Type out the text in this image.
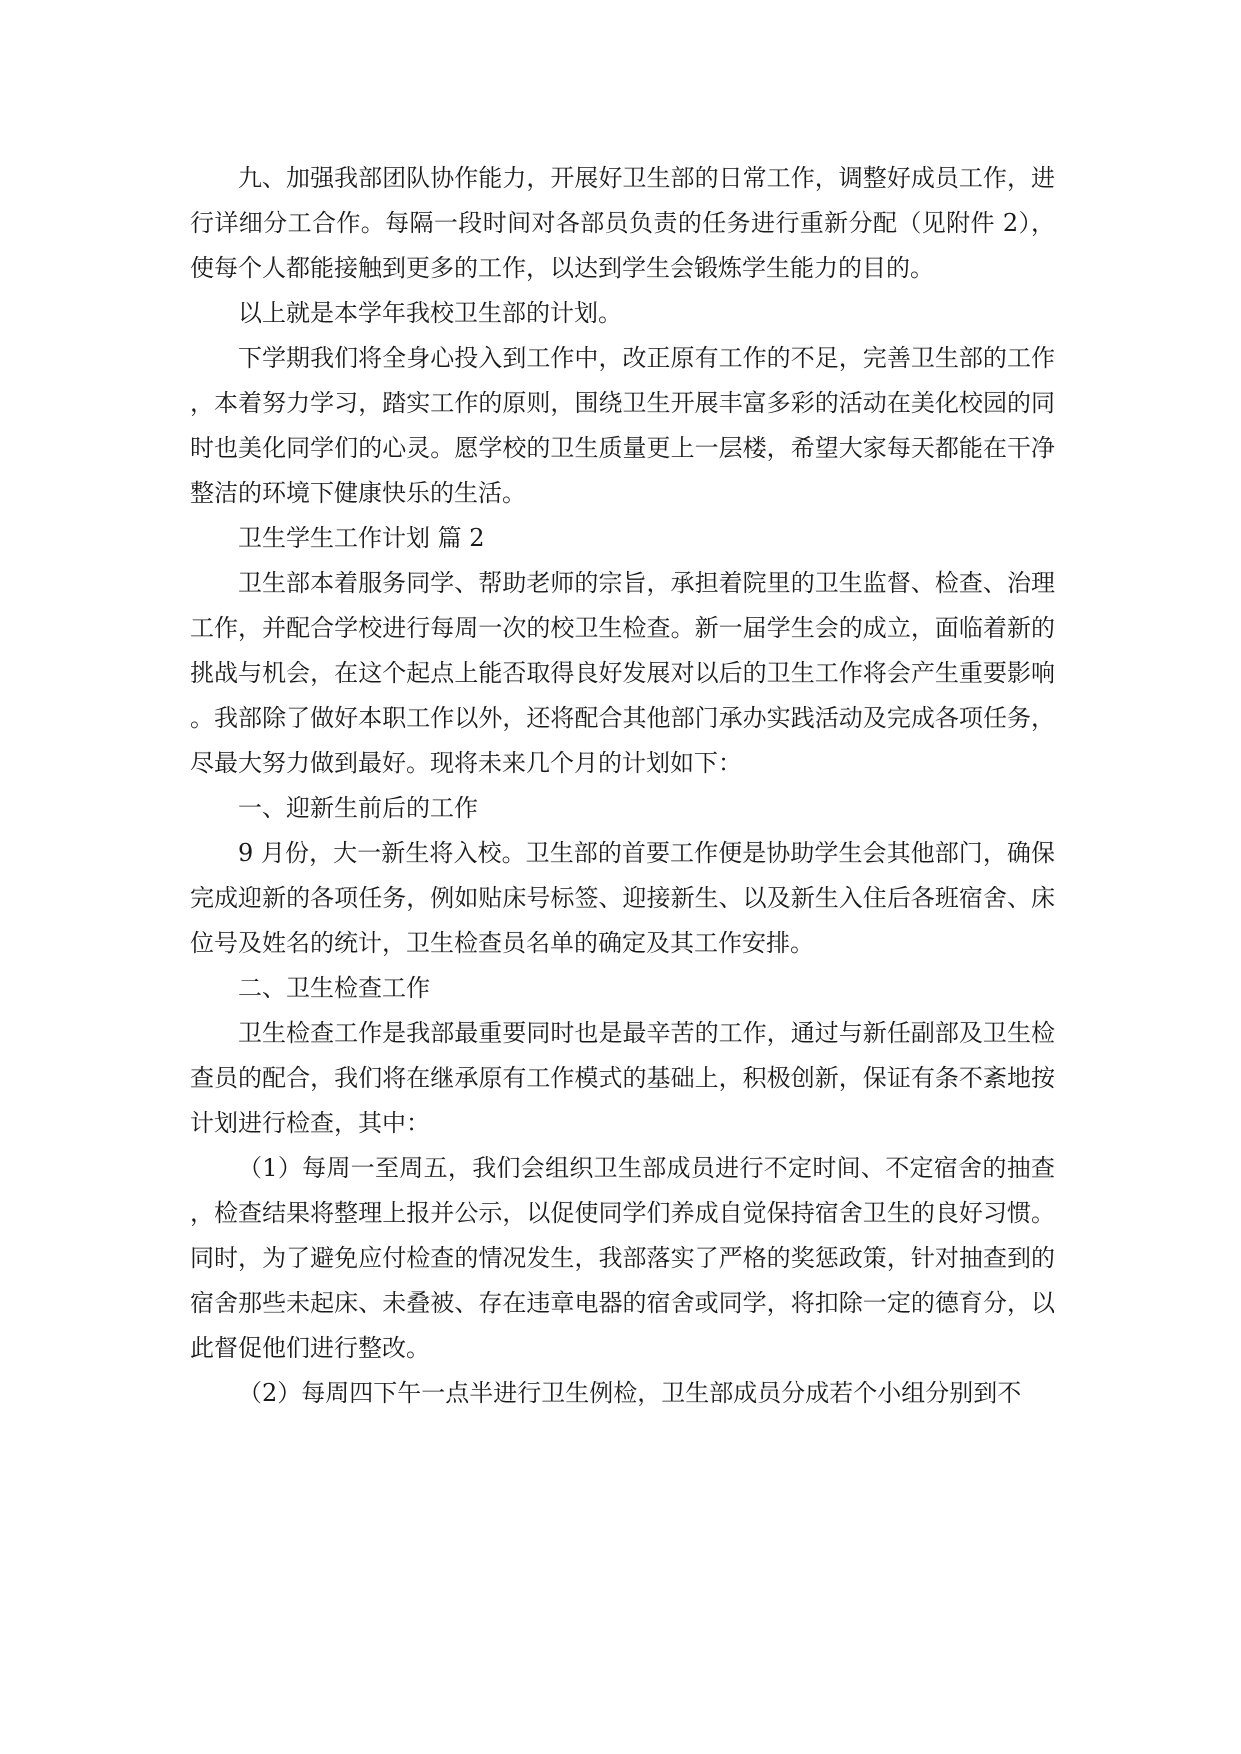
九、加强我部团队协作能力，开展好卫生部的日常工作，调整好成员工作，进行详细分工合作。每隔一段时间对各部员负责的任务进行重新分配（见附件 2），使每个人都能接触到更多的工作，以达到学生会锻炼学生能力的目的。

以上就是本学年我校卫生部的计划。

下学期我们将全身心投入到工作中，改正原有工作的不足，完善卫生部的工作，本着努力学习，踏实工作的原则，围绕卫生开展丰富多彩的活动在美化校园的同时也美化同学们的心灵。愿学校的卫生质量更上一层楼，希望大家每天都能在干净整洁的环境下健康快乐的生活。

卫生学生工作计划 篇 2

卫生部本着服务同学、帮助老师的宗旨，承担着院里的卫生监督、检查、治理工作，并配合学校进行每周一次的校卫生检查。新一届学生会的成立，面临着新的挑战与机会，在这个起点上能否取得良好发展对以后的卫生工作将会产生重要影响。我部除了做好本职工作以外，还将配合其他部门承办实践活动及完成各项任务，尽最大努力做到最好。现将未来几个月的计划如下：

一、迎新生前后的工作

9 月份，大一新生将入校。卫生部的首要工作便是协助学生会其他部门，确保完成迎新的各项任务，例如贴床号标签、迎接新生、以及新生入住后各班宿舍、床位号及姓名的统计，卫生检查员名单的确定及其工作安排。

二、卫生检查工作

卫生检查工作是我部最重要同时也是最辛苦的工作，通过与新任副部及卫生检查员的配合，我们将在继承原有工作模式的基础上，积极创新，保证有条不紊地按计划进行检查，其中：

（1）每周一至周五，我们会组织卫生部成员进行不定时间、不定宿舍的抽查，检查结果将整理上报并公示，以促使同学们养成自觉保持宿舍卫生的良好习惯。同时，为了避免应付检查的情况发生，我部落实了严格的奖惩政策，针对抽查到的宿舍那些未起床、未叠被、存在违章电器的宿舍或同学，将扣除一定的德育分，以此督促他们进行整改。

（2）每周四下午一点半进行卫生例检，卫生部成员分成若个小组分别到不
